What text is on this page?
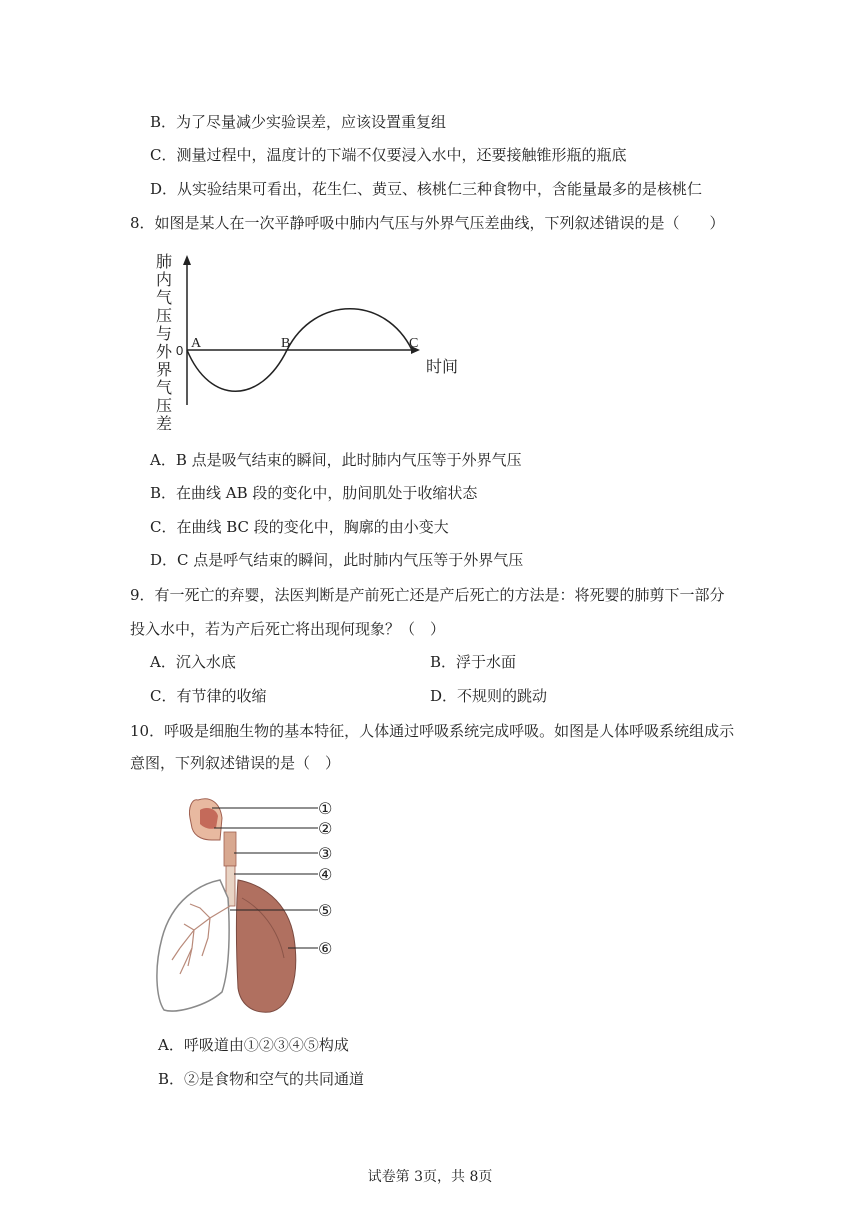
B．为了尽量减少实验误差，应该设置重复组
C．测量过程中，温度计的下端不仅要浸入水中，还要接触锥形瓶的瓶底
D．从实验结果可看出，花生仁、黄豆、核桃仁三种食物中，含能量最多的是核桃仁
8．如图是某人在一次平静呼吸中肺内气压与外界气压差曲线，下列叙述错误的是（　　）
肺
内
气
压
与
外
界
气
压
差
0 A	B	C
时间
A．B 点是吸气结束的瞬间，此时肺内气压等于外界气压
B．在曲线 AB 段的变化中，肋间肌处于收缩状态
C．在曲线 BC 段的变化中，胸廓的由小变大
D．C 点是呼气结束的瞬间，此时肺内气压等于外界气压
9．有一死亡的弃婴，法医判断是产前死亡还是产后死亡的方法是：将死婴的肺剪下一部分
投入水中，若为产后死亡将出现何现象？（　）
A．沉入水底	B．浮于水面
C．有节律的收缩	D．不规则的跳动
10．呼吸是细胞生物的基本特征，人体通过呼吸系统完成呼吸。如图是人体呼吸系统组成示
意图，下列叙述错误的是（　）
①
②
③
④
⑤
⑥
A．呼吸道由①②③④⑤构成
B．②是食物和空气的共同通道
试卷第 3页，共 8页
